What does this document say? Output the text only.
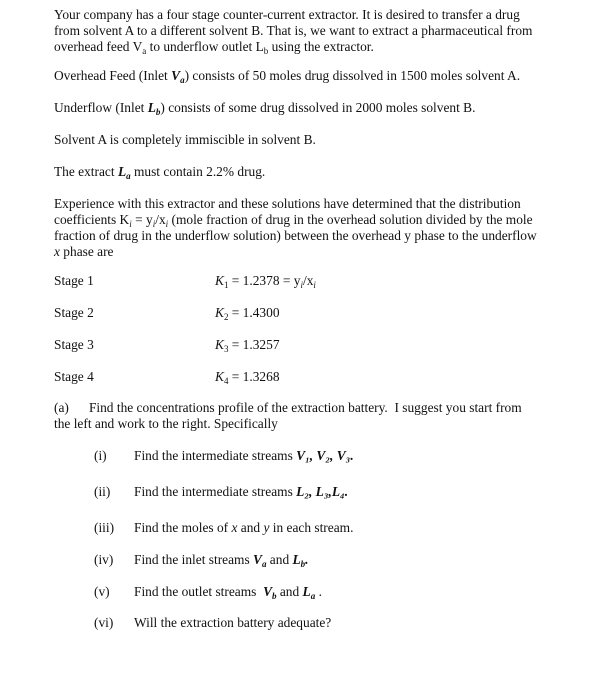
Your company has a four stage counter-current extractor. It is desired to transfer a drug
from solvent A to a different solvent B. That is, we want to extract a pharmaceutical from
overhead feed $V_a$ to underflow outlet $L_b$ using the extractor.
Overhead Feed (Inlet $V_a$) consists of 50 moles drug dissolved in 1500 moles solvent A.
Underflow (Inlet $L_b$) consists of some drug dissolved in 2000 moles solvent B.
Solvent A is completely immiscible in solvent B.
The extract $L_a$ must contain 2.2% drug.
Experience with this extractor and these solutions have determined that the distribution
coefficients $K_i = y_i/x_i$ (mole fraction of drug in the overhead solution divided by the mole
fraction of drug in the underflow solution) between the overhead y phase to the underflow
x phase are
Stage 1	$K_1 = 1.2378 = y_i/x_i$
Stage 2	$K_2 = 1.4300$
Stage 3	$K_3 = 1.3257$
Stage 4	$K_4 = 1.3268$
(a)      Find the concentrations profile of the extraction battery.  I suggest you start from
the left and work to the right. Specifically
(i) Find the intermediate streams V₁, V₂, V₃.
(ii) Find the intermediate streams L₂, L₃,L₄.
(iii) Find the moles of x and y in each stream.
(iv) Find the inlet streams $V_a$ and $L_b$.
(v) Find the outlet streams  $V_b$ and $L_a$ .
(vi) Will the extraction battery adequate?
